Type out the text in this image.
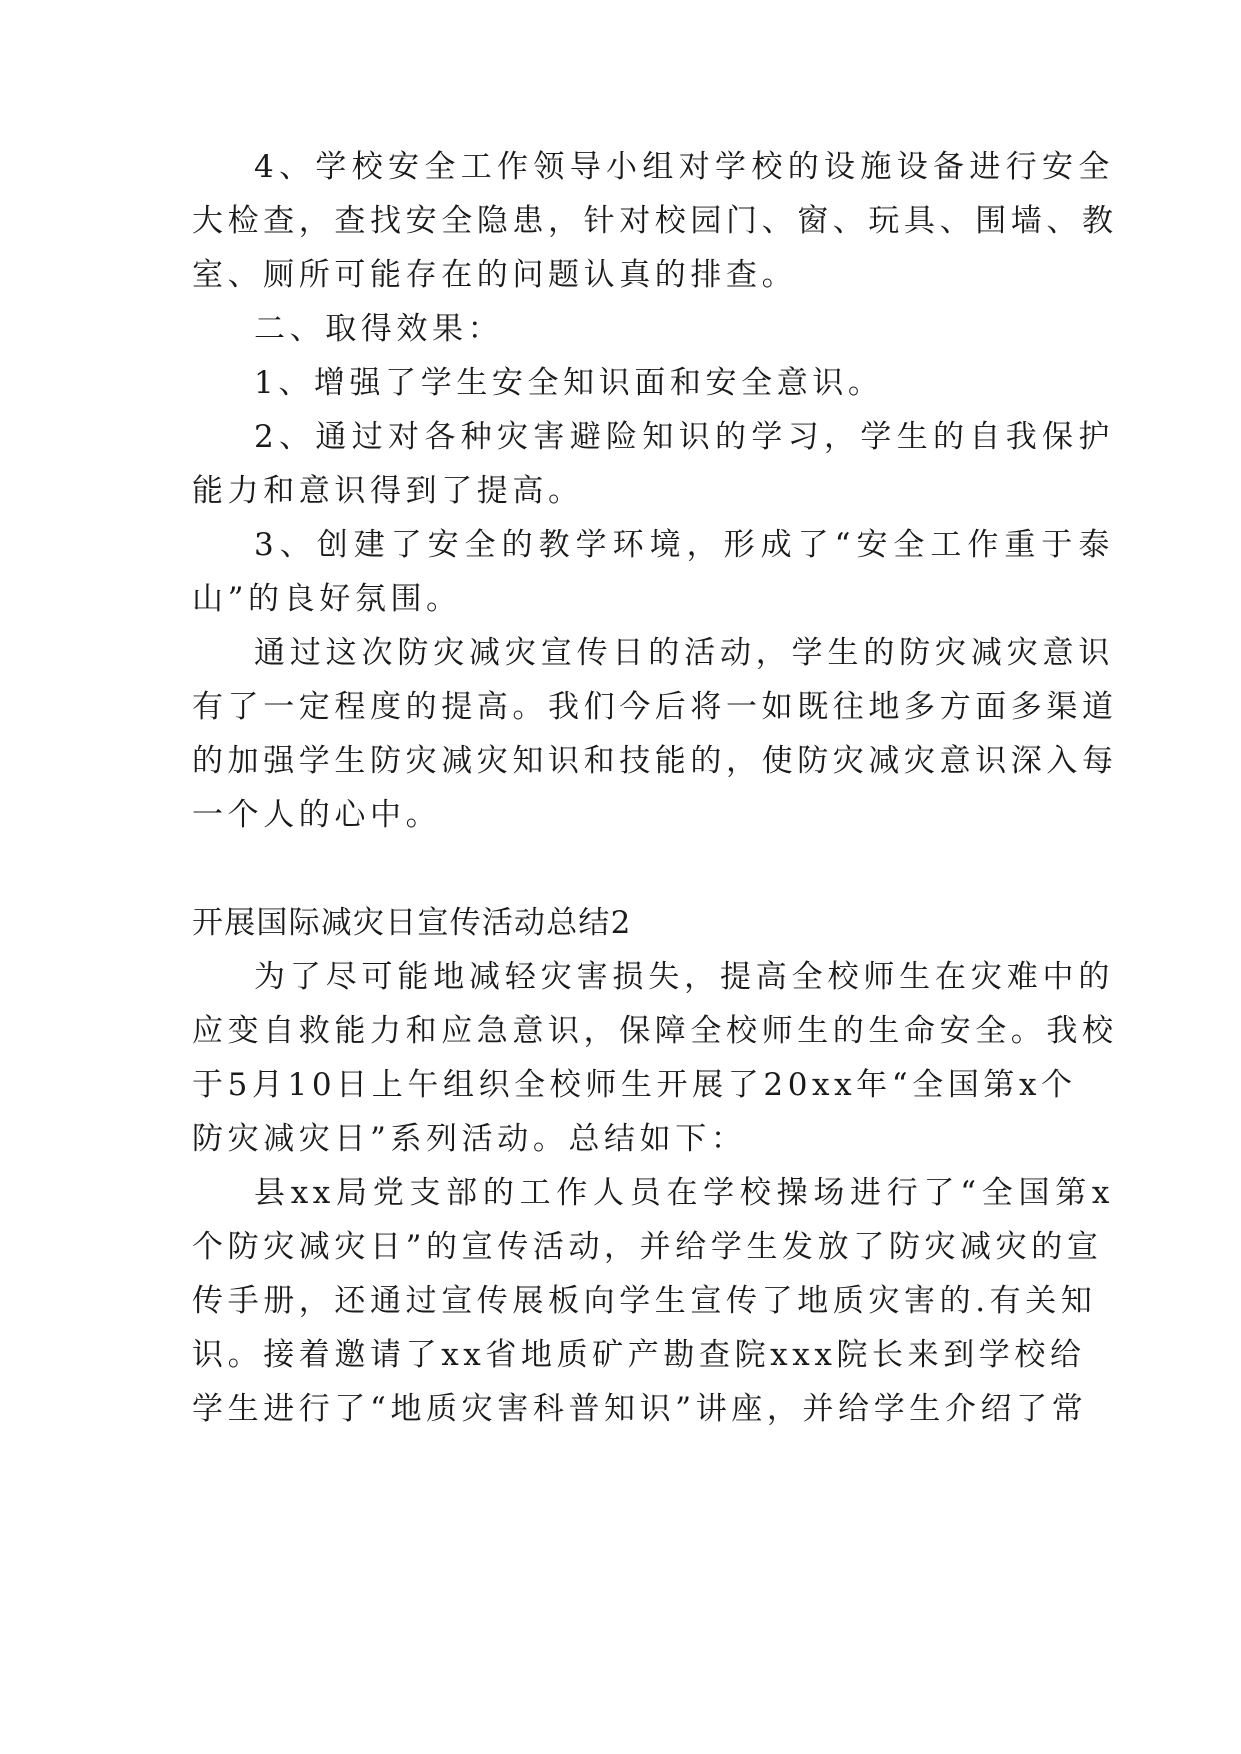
4、学校安全工作领导小组对学校的设施设备进行安全
大检查，查找安全隐患，针对校园门、窗、玩具、围墙、教
室、厕所可能存在的问题认真的排查。
二、取得效果：
1、增强了学生安全知识面和安全意识。
2、通过对各种灾害避险知识的学习，学生的自我保护
能力和意识得到了提高。
3、创建了安全的教学环境，形成了“安全工作重于泰
山”的良好氛围。
通过这次防灾减灾宣传日的活动，学生的防灾减灾意识
有了一定程度的提高。我们今后将一如既往地多方面多渠道
的加强学生防灾减灾知识和技能的，使防灾减灾意识深入每
一个人的心中。
开展国际减灾日宣传活动总结2
为了尽可能地减轻灾害损失，提高全校师生在灾难中的
应变自救能力和应急意识，保障全校师生的生命安全。我校
于5月10日上午组织全校师生开展了20xx年“全国第x个
防灾减灾日”系列活动。总结如下：
县xx局党支部的工作人员在学校操场进行了“全国第x
个防灾减灾日”的宣传活动，并给学生发放了防灾减灾的宣
传手册，还通过宣传展板向学生宣传了地质灾害的.有关知
识。接着邀请了xx省地质矿产勘查院xxx院长来到学校给
学生进行了“地质灾害科普知识”讲座，并给学生介绍了常
